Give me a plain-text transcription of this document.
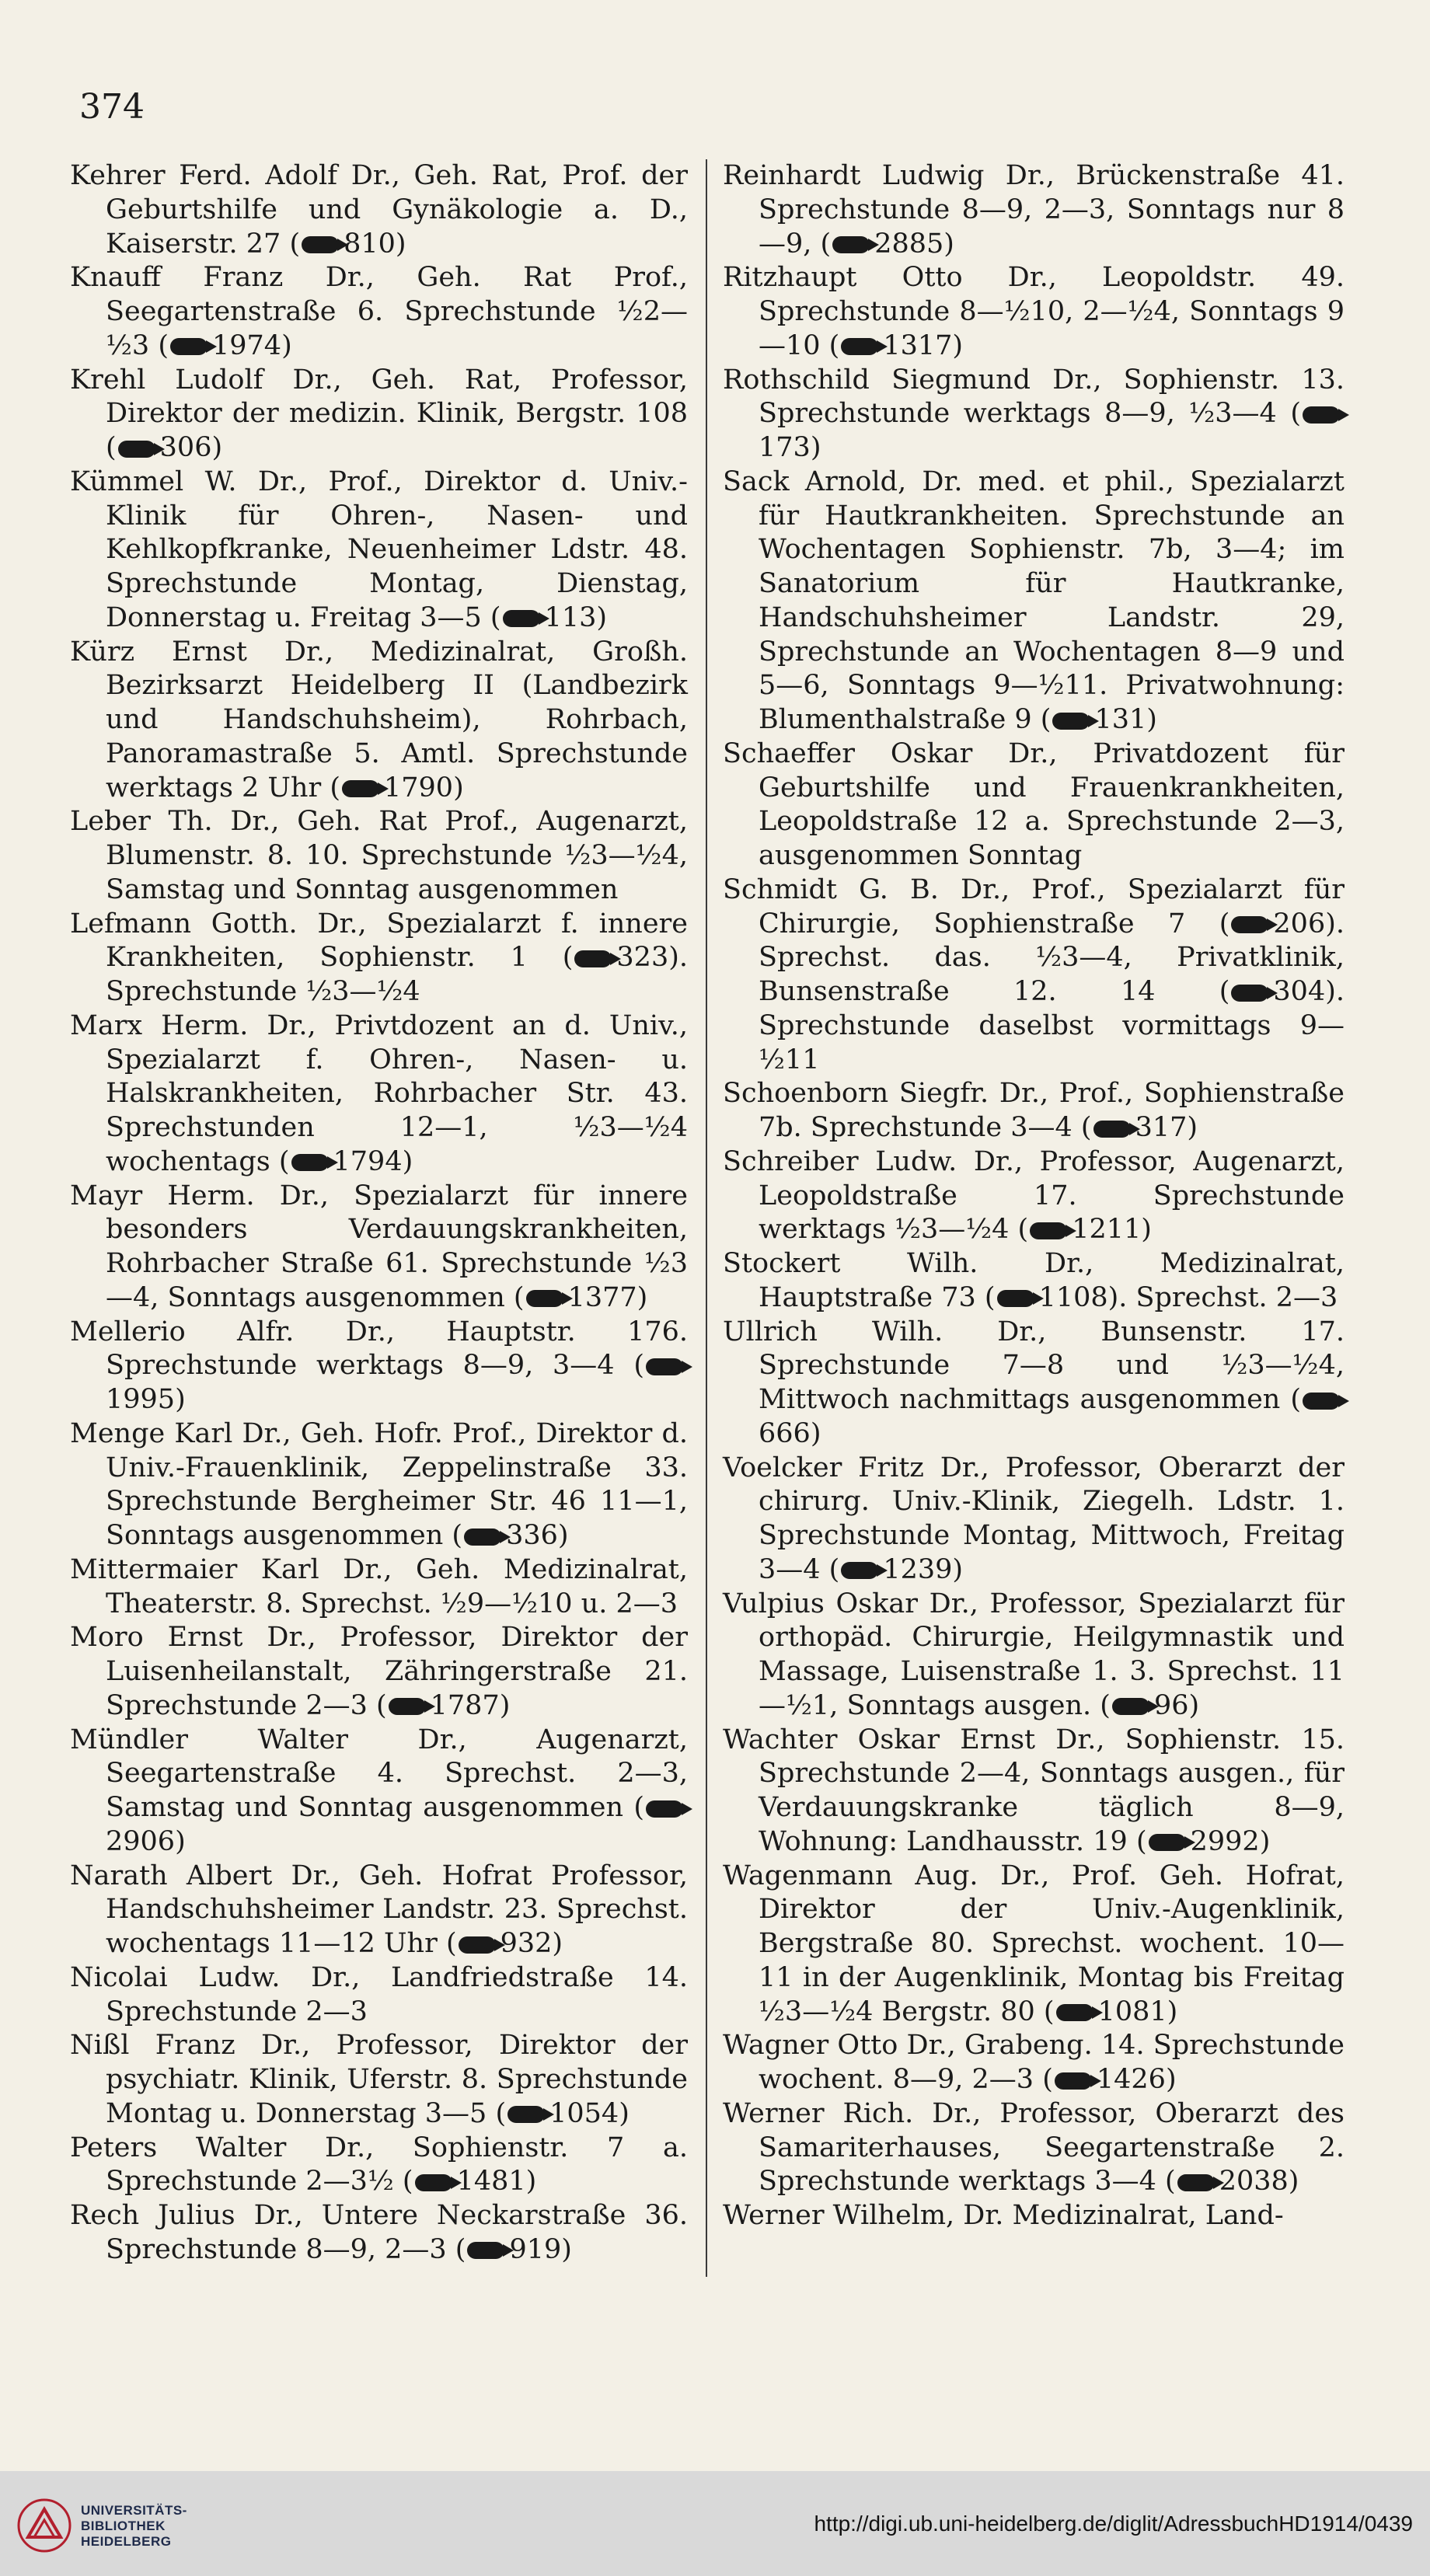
374

Kehrer Ferd. Adolf Dr., Geh. Rat, Prof. der Geburtshilfe und Gynäkologie a. D., Kaiserstr. 27 ( 810)

Knauff Franz Dr., Geh. Rat Prof., Seegartenstraße 6. Sprechstunde ½2—½3 ( 1974)

Krehl Ludolf Dr., Geh. Rat, Professor, Direktor der medizin. Klinik, Bergstr. 108 ( 306)

Kümmel W. Dr., Prof., Direktor d. Univ.-Klinik für Ohren-, Nasen- und Kehlkopfkranke, Neuenheimer Ldstr. 48. Sprechstunde Montag, Dienstag, Donnerstag u. Freitag 3—5 ( 113)

Kürz Ernst Dr., Medizinalrat, Großh. Bezirksarzt Heidelberg II (Landbezirk und Handschuhsheim), Rohrbach, Panoramastraße 5. Amtl. Sprechstunde werktags 2 Uhr ( 1790)

Leber Th. Dr., Geh. Rat Prof., Augenarzt, Blumenstr. 8. 10. Sprechstunde ½3—½4, Samstag und Sonntag ausgenommen

Lefmann Gotth. Dr., Spezialarzt f. innere Krankheiten, Sophienstr. 1 ( 323). Sprechstunde ½3—½4

Marx Herm. Dr., Privtdozent an d. Univ., Spezialarzt f. Ohren-, Nasen- u. Halskrankheiten, Rohrbacher Str. 43. Sprechstunden 12—1, ½3—½4 wochentags ( 1794)

Mayr Herm. Dr., Spezialarzt für innere besonders Verdauungskrankheiten, Rohrbacher Straße 61. Sprechstunde ½3—4, Sonntags ausgenommen ( 1377)

Mellerio Alfr. Dr., Hauptstr. 176. Sprechstunde werktags 8—9, 3—4 (1995)

Menge Karl Dr., Geh. Hofr. Prof., Direktor d. Univ.-Frauenklinik, Zeppelinstraße 33. Sprechstunde Bergheimer Str. 46 11—1, Sonntags ausgenommen ( 336)

Mittermaier Karl Dr., Geh. Medizinalrat, Theaterstr. 8. Sprechst. ½9—½10 u. 2—3

Moro Ernst Dr., Professor, Direktor der Luisenheilanstalt, Zähringerstraße 21. Sprechstunde 2—3 ( 1787)

Mündler Walter Dr., Augenarzt, Seegartenstraße 4. Sprechst. 2—3, Samstag und Sonntag ausgenommen (2906)

Narath Albert Dr., Geh. Hofrat Professor, Handschuhsheimer Landstr. 23. Sprechst. wochentags 11—12 Uhr ( 932)

Nicolai Ludw. Dr., Landfriedstraße 14. Sprechstunde 2—3

Nißl Franz Dr., Professor, Direktor der psychiatr. Klinik, Uferstr. 8. Sprechstunde Montag u. Donnerstag 3—5 ( 1054)

Peters Walter Dr., Sophienstr. 7 a. Sprechstunde 2—3½ ( 1481)

Rech Julius Dr., Untere Neckarstraße 36. Sprechstunde 8—9, 2—3 ( 919)

Reinhardt Ludwig Dr., Brückenstraße 41. Sprechstunde 8—9, 2—3, Sonntags nur 8—9, ( 2885)

Ritzhaupt Otto Dr., Leopoldstr. 49. Sprechstunde 8—½10, 2—½4, Sonntags 9—10 ( 1317)

Rothschild Siegmund Dr., Sophienstr. 13. Sprechstunde werktags 8—9, ½3—4 (173)

Sack Arnold, Dr. med. et phil., Spezialarzt für Hautkrankheiten. Sprechstunde an Wochentagen Sophienstr. 7b, 3—4; im Sanatorium für Hautkranke, Handschuhsheimer Landstr. 29, Sprechstunde an Wochentagen 8—9 und 5—6, Sonntags 9—½11. Privatwohnung: Blumenthalstraße 9 ( 131)

Schaeffer Oskar Dr., Privatdozent für Geburtshilfe und Frauenkrankheiten, Leopoldstraße 12 a. Sprechstunde 2—3, ausgenommen Sonntag

Schmidt G. B. Dr., Prof., Spezialarzt für Chirurgie, Sophienstraße 7 ( 206). Sprechst. das. ½3—4, Privatklinik, Bunsenstraße 12. 14 ( 304). Sprechstunde daselbst vormittags 9—½11

Schoenborn Siegfr. Dr., Prof., Sophienstraße 7b. Sprechstunde 3—4 ( 317)

Schreiber Ludw. Dr., Professor, Augenarzt, Leopoldstraße 17. Sprechstunde werktags ½3—½4 ( 1211)

Stockert Wilh. Dr., Medizinalrat, Hauptstraße 73 ( 1108). Sprechst. 2—3

Ullrich Wilh. Dr., Bunsenstr. 17. Sprechstunde 7—8 und ½3—½4, Mittwoch nachmittags ausgenommen (666)

Voelcker Fritz Dr., Professor, Oberarzt der chirurg. Univ.-Klinik, Ziegelh. Ldstr. 1. Sprechstunde Montag, Mittwoch, Freitag 3—4 ( 1239)

Vulpius Oskar Dr., Professor, Spezialarzt für orthopäd. Chirurgie, Heilgymnastik und Massage, Luisenstraße 1. 3. Sprechst. 11—½1, Sonntags ausgen. ( 96)

Wachter Oskar Ernst Dr., Sophienstr. 15. Sprechstunde 2—4, Sonntags ausgen., für Verdauungskranke täglich 8—9, Wohnung: Landhausstr. 19 ( 2992)

Wagenmann Aug. Dr., Prof. Geh. Hofrat, Direktor der Univ.-Augenklinik, Bergstraße 80. Sprechst. wochent. 10—11 in der Augenklinik, Montag bis Freitag ½3—½4 Bergstr. 80 ( 1081)

Wagner Otto Dr., Grabeng. 14. Sprechstunde wochent. 8—9, 2—3 ( 1426)

Werner Rich. Dr., Professor, Oberarzt des Samariterhauses, Seegartenstraße 2. Sprechstunde werktags 3—4 ( 2038)

Werner Wilhelm, Dr. Medizinalrat, Land-

UNIVERSITÄTS-
BIBLIOTHEK
HEIDELBERG
http://digi.ub.uni-heidelberg.de/diglit/AdressbuchHD1914/0439
